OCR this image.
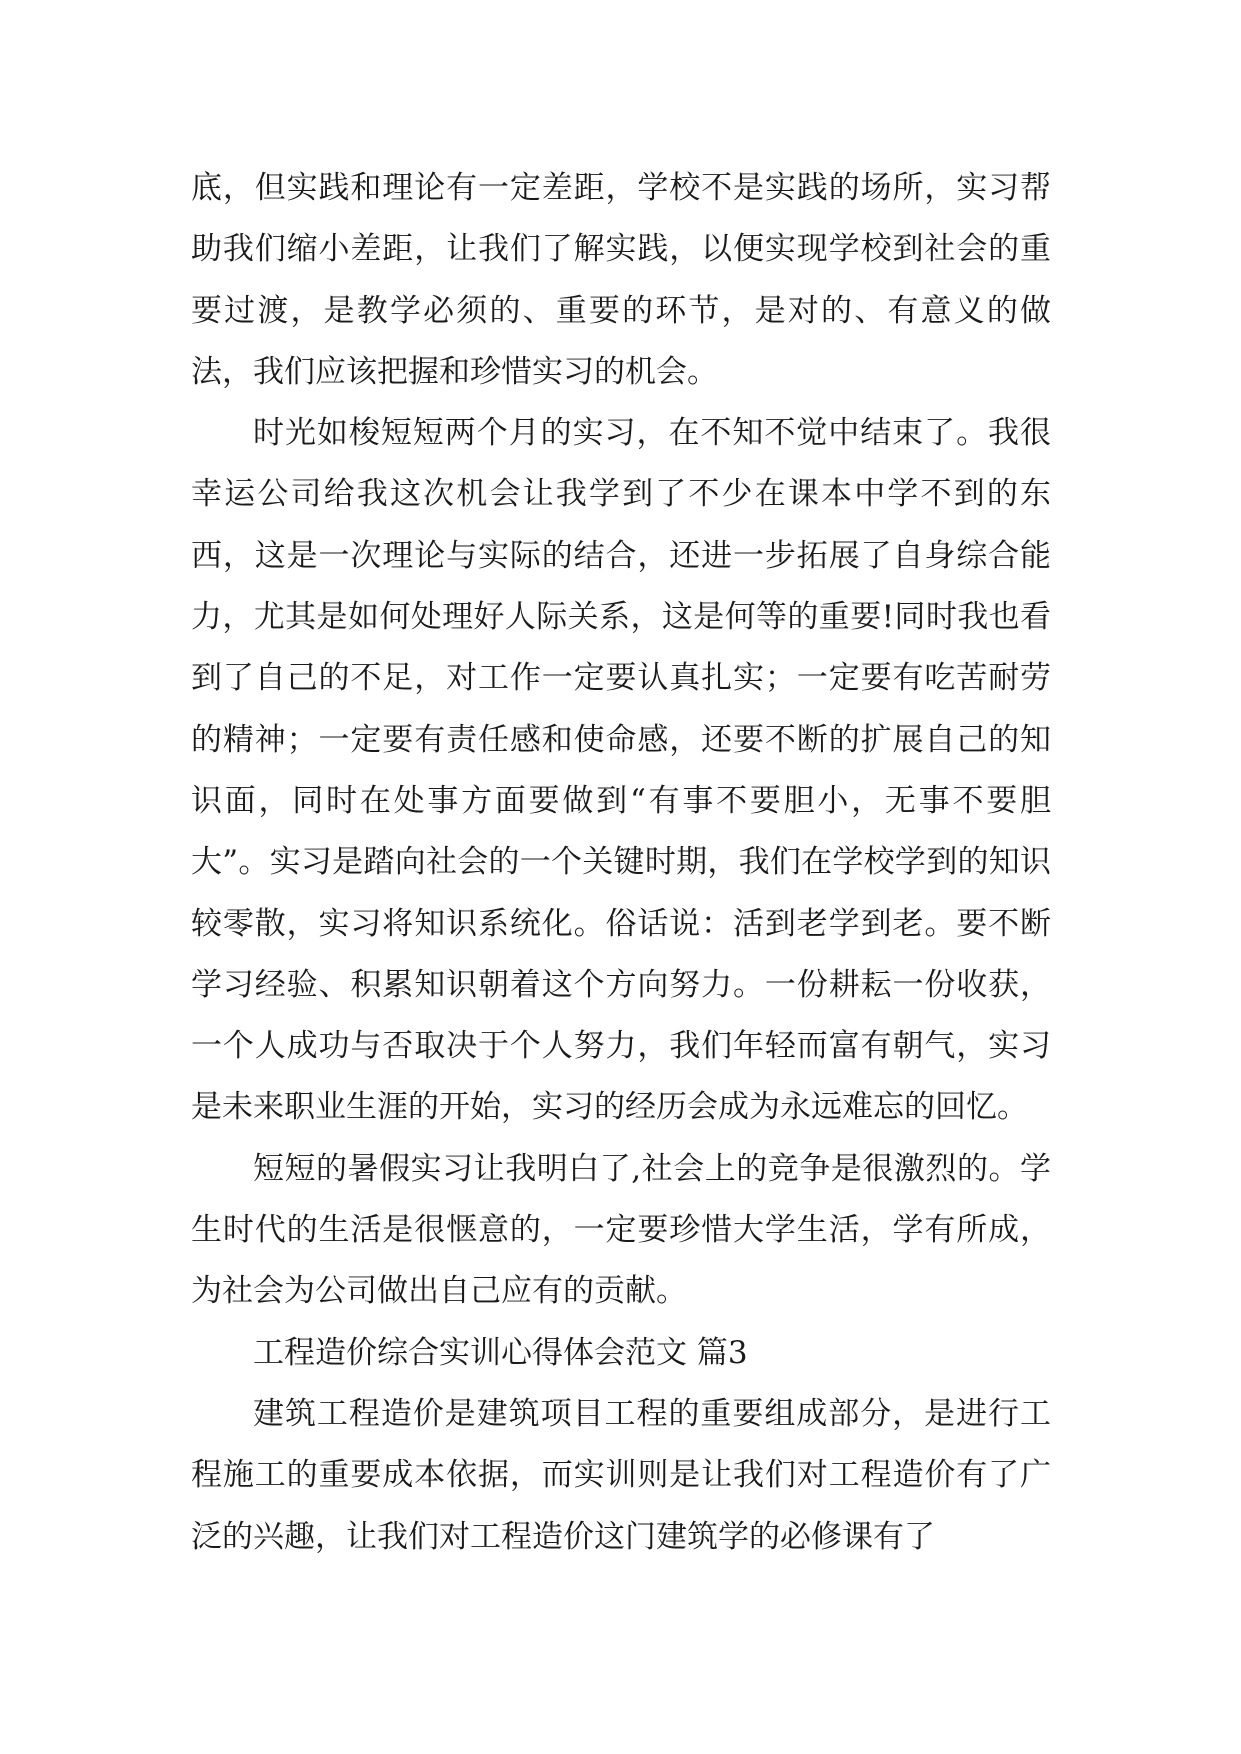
底，但实践和理论有一定差距，学校不是实践的场所，实习帮助我们缩小差距，让我们了解实践，以便实现学校到社会的重要过渡，是教学必须的、重要的环节，是对的、有意义的做法，我们应该把握和珍惜实习的机会。

时光如梭短短两个月的实习，在不知不觉中结束了。我很幸运公司给我这次机会让我学到了不少在课本中学不到的东西，这是一次理论与实际的结合，还进一步拓展了自身综合能力，尤其是如何处理好人际关系，这是何等的重要!同时我也看到了自己的不足，对工作一定要认真扎实；一定要有吃苦耐劳的精神；一定要有责任感和使命感，还要不断的扩展自己的知识面，同时在处事方面要做到“有事不要胆小，无事不要胆大”。实习是踏向社会的一个关键时期，我们在学校学到的知识较零散，实习将知识系统化。俗话说：活到老学到老。要不断学习经验、积累知识朝着这个方向努力。一份耕耘一份收获，一个人成功与否取决于个人努力，我们年轻而富有朝气，实习是未来职业生涯的开始，实习的经历会成为永远难忘的回忆。

短短的暑假实习让我明白了,社会上的竞争是很激烈的。学生时代的生活是很惬意的，一定要珍惜大学生活，学有所成，为社会为公司做出自己应有的贡献。

工程造价综合实训心得体会范文 篇3

建筑工程造价是建筑项目工程的重要组成部分，是进行工程施工的重要成本依据，而实训则是让我们对工程造价有了广泛的兴趣，让我们对工程造价这门建筑学的必修课有了
